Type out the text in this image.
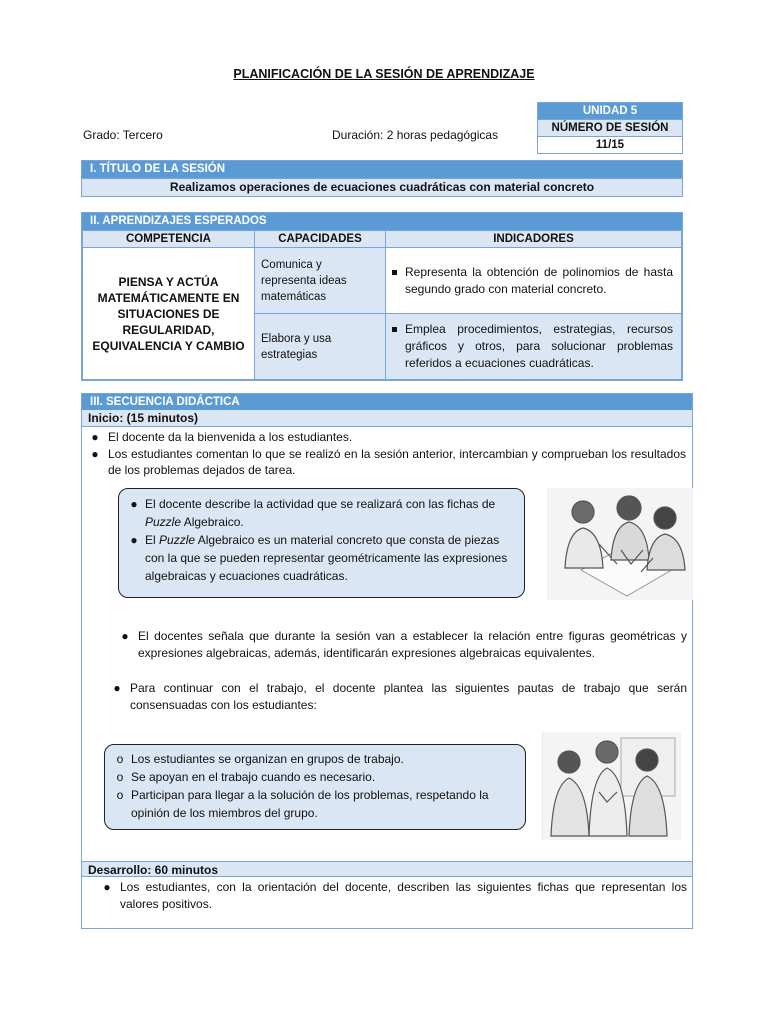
PLANIFICACIÓN DE LA SESIÓN DE APRENDIZAJE
Grado: Tercero	Duración: 2 horas pedagógicas
UNIDAD 5
NÚMERO DE SESIÓN
11/15
I. TÍTULO DE LA SESIÓN
Realizamos operaciones de ecuaciones cuadráticas con material concreto
II. APRENDIZAJES ESPERADOS
COMPETENCIA	CAPACIDADES	INDICADORES
PIENSA Y ACTÚA MATEMÁTICAMENTE EN SITUACIONES DE REGULARIDAD, EQUIVALENCIA Y CAMBIO	Comunica y representa ideas matemáticas	Representa la obtención de polinomios de hasta segundo grado con material concreto.

	Elabora y usa estrategias	Emplea procedimientos, estrategias, recursos gráficos y otros, para solucionar problemas referidos a ecuaciones cuadráticas.
III. SECUENCIA DIDÁCTICA
Inicio: (15 minutos)
● El docente da la bienvenida a los estudiantes.
● Los estudiantes comentan lo que se realizó en la sesión anterior, intercambian y comprueban los resultados de los problemas dejados de tarea.
● El docente describe la actividad que se realizará con las fichas de Puzzle Algebraico.
● El Puzzle Algebraico es un material concreto que consta de piezas con la que se pueden representar geométricamente las expresiones algebraicas y ecuaciones cuadráticas.
● El docentes señala que durante la sesión van a establecer la relación entre figuras geométricas y expresiones algebraicas, además, identificarán expresiones algebraicas equivalentes.
● Para continuar con el trabajo, el docente plantea las siguientes pautas de trabajo que serán consensuadas con los estudiantes:
o Los estudiantes se organizan en grupos de trabajo.
o Se apoyan en el trabajo cuando es necesario.
o Participan para llegar a la solución de los problemas, respetando la opinión de los miembros del grupo.
Desarrollo: 60 minutos
● Los estudiantes, con la orientación del docente, describen las siguientes fichas que representan los valores positivos.
